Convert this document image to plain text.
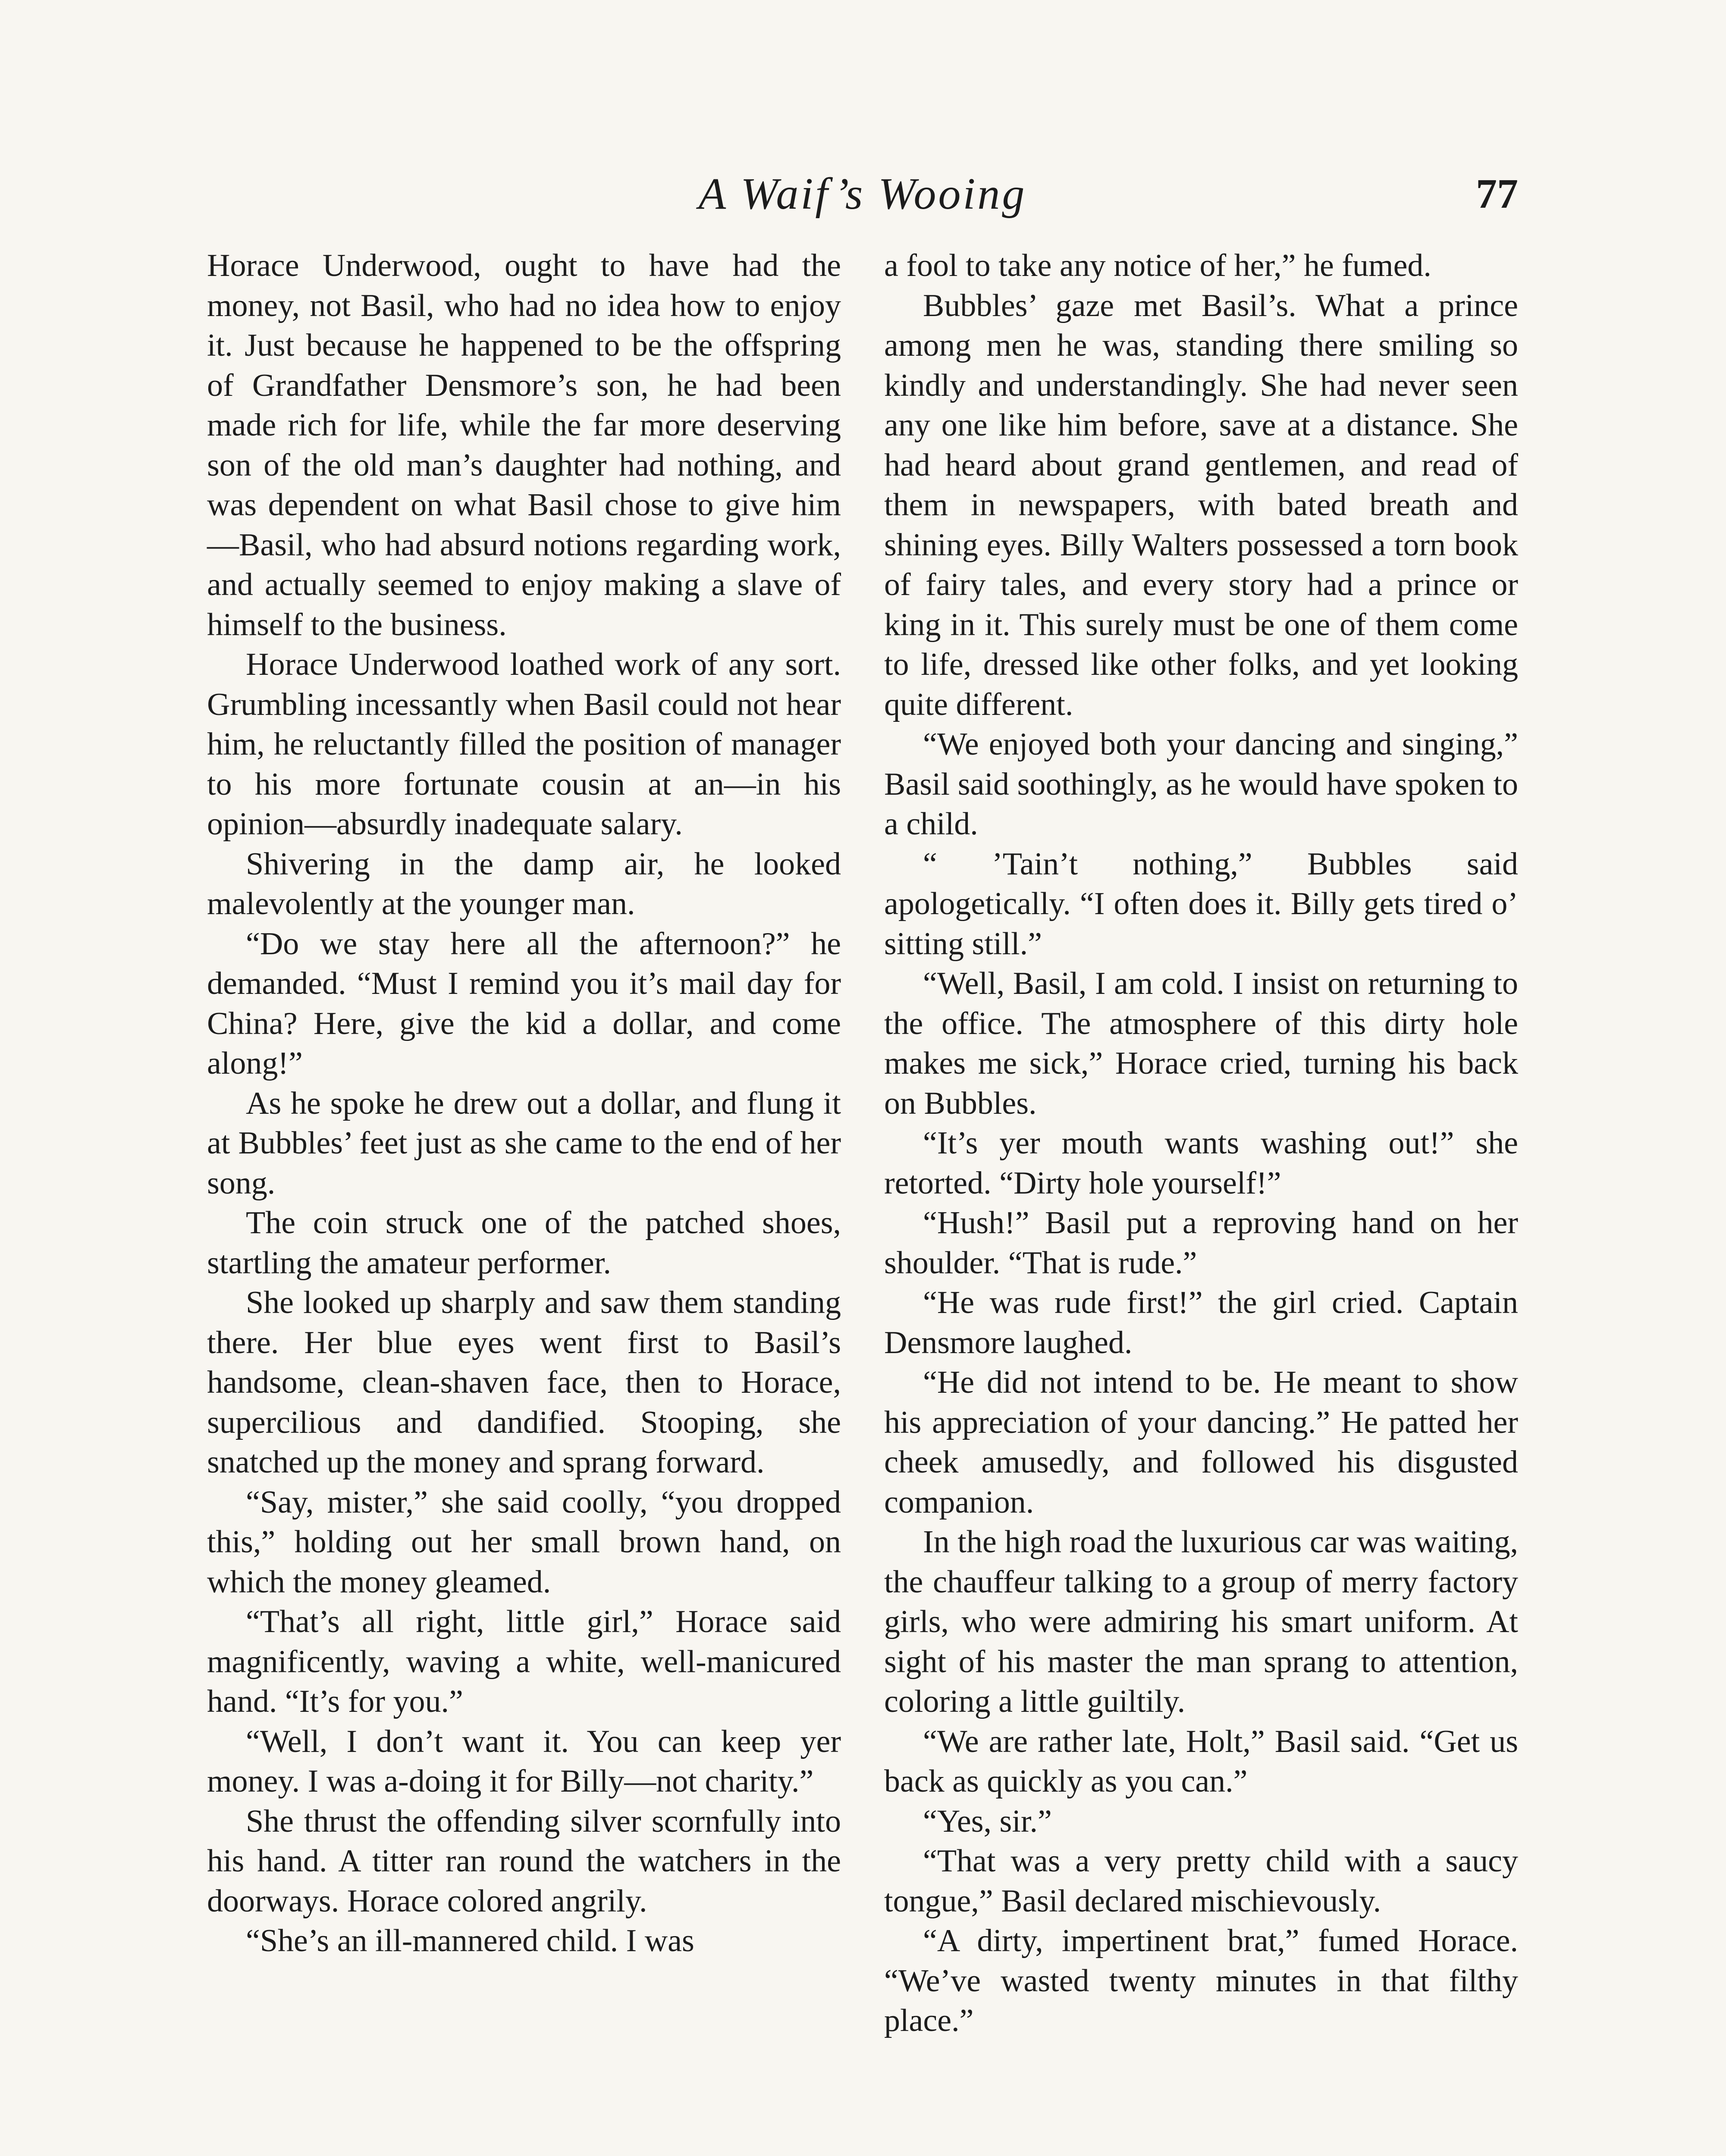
A Waif’s Wooing	77

Horace Underwood, ought to have had the money, not Basil, who had no idea how to enjoy it. Just because he happened to be the offspring of Grandfather Densmore’s son, he had been made rich for life, while the far more deserving son of the old man’s daughter had nothing, and was dependent on what Basil chose to give him—Basil, who had absurd notions regarding work, and actually seemed to enjoy making a slave of himself to the business.

Horace Underwood loathed work of any sort. Grumbling incessantly when Basil could not hear him, he reluctantly filled the position of manager to his more fortunate cousin at an—in his opinion—absurdly inadequate salary.

Shivering in the damp air, he looked malevolently at the younger man.

“Do we stay here all the afternoon?” he demanded. “Must I remind you it’s mail day for China? Here, give the kid a dollar, and come along!”

As he spoke he drew out a dollar, and flung it at Bubbles’ feet just as she came to the end of her song.

The coin struck one of the patched shoes, startling the amateur performer.

She looked up sharply and saw them standing there. Her blue eyes went first to Basil’s handsome, clean-shaven face, then to Horace, supercilious and dandified. Stooping, she snatched up the money and sprang forward.

“Say, mister,” she said coolly, “you dropped this,” holding out her small brown hand, on which the money gleamed.

“That’s all right, little girl,” Horace said magnificently, waving a white, well-manicured hand. “It’s for you.”

“Well, I don’t want it. You can keep yer money. I was a-doing it for Billy—not charity.”

She thrust the offending silver scornfully into his hand. A titter ran round the watchers in the doorways. Horace colored angrily.

“She’s an ill-mannered child. I was

a fool to take any notice of her,” he fumed.

Bubbles’ gaze met Basil’s. What a prince among men he was, standing there smiling so kindly and understandingly. She had never seen any one like him before, save at a distance. She had heard about grand gentlemen, and read of them in newspapers, with bated breath and shining eyes. Billy Walters possessed a torn book of fairy tales, and every story had a prince or king in it. This surely must be one of them come to life, dressed like other folks, and yet looking quite different.

“We enjoyed both your dancing and singing,” Basil said soothingly, as he would have spoken to a child.

“ ’Tain’t nothing,” Bubbles said apologetically. “I often does it. Billy gets tired o’ sitting still.”

“Well, Basil, I am cold. I insist on returning to the office. The atmosphere of this dirty hole makes me sick,” Horace cried, turning his back on Bubbles.

“It’s yer mouth wants washing out!” she retorted. “Dirty hole yourself!”

“Hush!” Basil put a reproving hand on her shoulder. “That is rude.”

“He was rude first!” the girl cried. Captain Densmore laughed.

“He did not intend to be. He meant to show his appreciation of your dancing.” He patted her cheek amusedly, and followed his disgusted companion.

In the high road the luxurious car was waiting, the chauffeur talking to a group of merry factory girls, who were admiring his smart uniform. At sight of his master the man sprang to attention, coloring a little guiltily.

“We are rather late, Holt,” Basil said. “Get us back as quickly as you can.”

“Yes, sir.”

“That was a very pretty child with a saucy tongue,” Basil declared mischievously.

“A dirty, impertinent brat,” fumed Horace. “We’ve wasted twenty minutes in that filthy place.”
